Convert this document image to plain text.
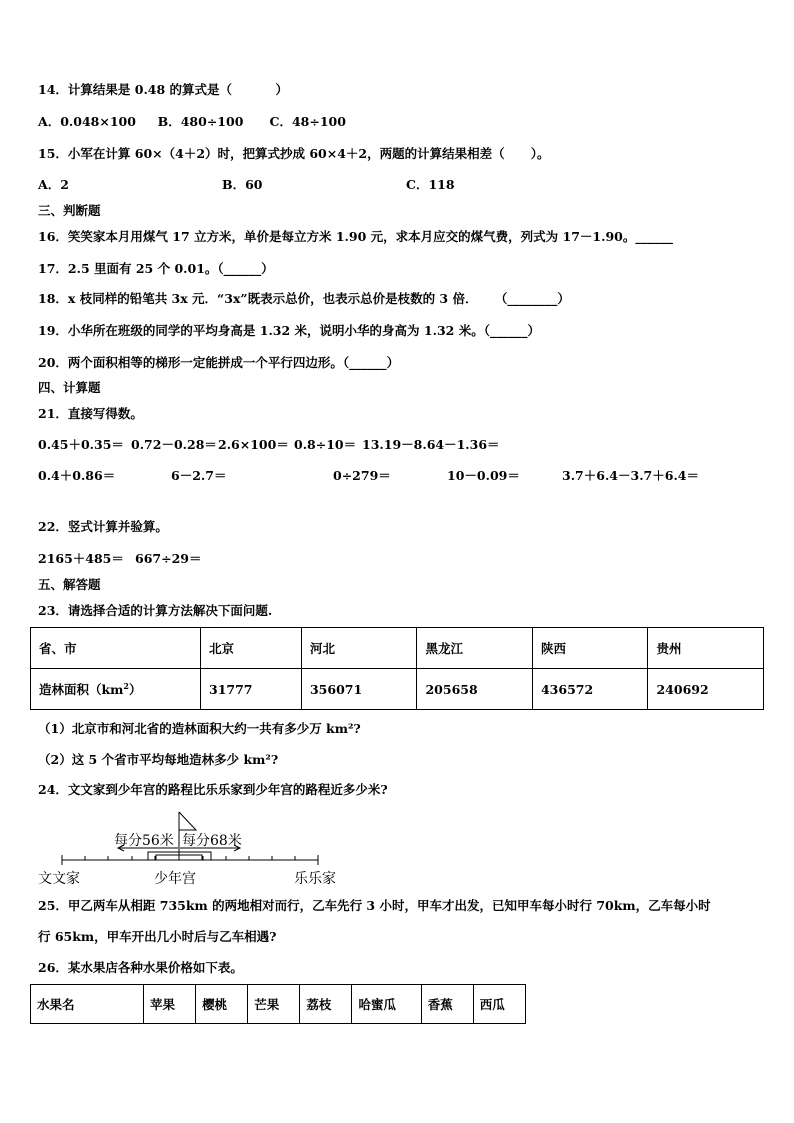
14．计算结果是 0.48 的算式是（          ）
A．0.048×100     B．480÷100      C．48÷100
15．小军在计算 60×（4＋2）时，把算式抄成 60×4＋2，两题的计算结果相差（      ）。
A．2	B．60	C．118
三、判断题
16．笑笑家本月用煤气 17 立方米，单价是每立方米 1.90 元，求本月应交的煤气费，列式为 17－1.90。______
17．2.5 里面有 25 个 0.01。（______）
18．x 枝同样的铅笔共 3x 元．“3x”既表示总价，也表示总价是枝数的 3 倍．    （________）
19．小华所在班级的同学的平均身高是 1.32 米，说明小华的身高为 1.32 米。（______）
20．两个面积相等的梯形一定能拼成一个平行四边形。（______）
四、计算题
21．直接写得数。
0.45＋0.35＝ 0.72－0.28＝ 2.6×100＝ 0.8÷10＝ 13.19－8.64－1.36＝
0.4＋0.86＝	6－2.7＝	0÷279＝	10－0.09＝	3.7＋6.4－3.7＋6.4＝
22．竖式计算并验算。
2165＋485＝ 667÷29＝
五、解答题
23．请选择合适的计算方法解决下面问题.
省、市	北京	河北	黑龙江	陕西	贵州
造林面积$(km^2)$	31777	356071	205658	436572	240692
（1）北京市和河北省的造林面积大约一共有多少万 km²?
（2）这 5 个省市平均每地造林多少 km²?
24．文文家到少年宫的路程比乐乐家到少年宫的路程近多少米?
每分56米 每分68米
文文家	少年宫	乐乐家
25．甲乙两车从相距 735km 的两地相对而行，乙车先行 3 小时，甲车才出发，已知甲车每小时行 70km，乙车每小时
行 65km，甲车开出几小时后与乙车相遇?
26．某水果店各种水果价格如下表。
水果名	苹果	樱桃	芒果	荔枝	哈蜜瓜	香蕉	西瓜
